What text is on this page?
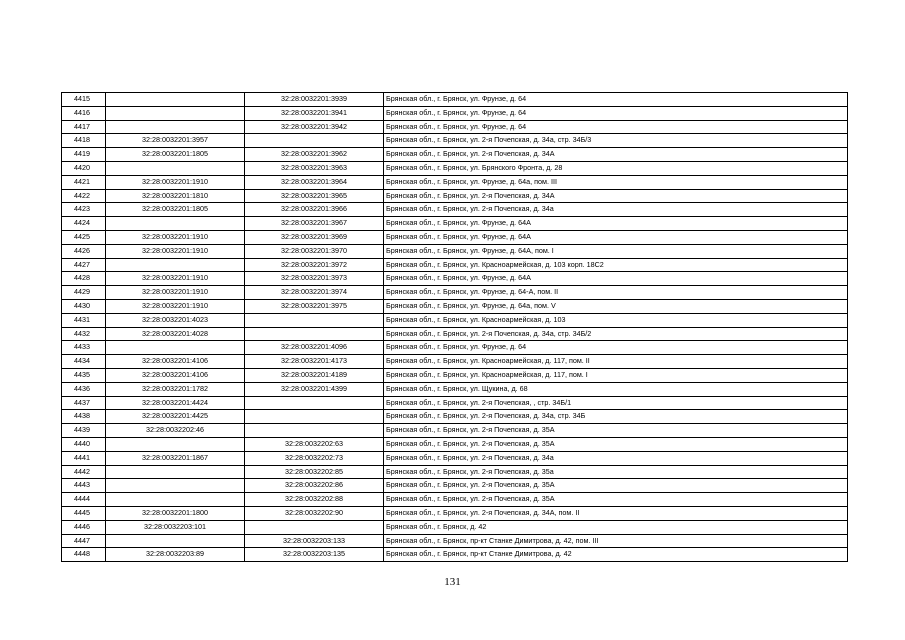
4415		32:28:0032201:3939	Брянская обл., г. Брянск, ул. Фрунзе, д. 64
4416		32:28:0032201:3941	Брянская обл., г. Брянск, ул. Фрунзе, д. 64
4417		32:28:0032201:3942	Брянская обл., г. Брянск, ул. Фрунзе, д. 64
4418	32:28:0032201:3957		Брянская обл., г. Брянск, ул. 2-я Почепская, д. 34а, стр. 34Б/3
4419	32:28:0032201:1805	32:28:0032201:3962	Брянская обл., г. Брянск, ул. 2-я Почепская, д. 34А
4420		32:28:0032201:3963	Брянская обл., г. Брянск, ул. Брянского Фронта, д. 28
4421	32:28:0032201:1910	32:28:0032201:3964	Брянская обл., г. Брянск, ул. Фрунзе, д. 64а, пом. III
4422	32:28:0032201:1810	32:28:0032201:3965	Брянская обл., г. Брянск, ул. 2-я Почепская, д. 34А
4423	32:28:0032201:1805	32:28:0032201:3966	Брянская обл., г. Брянск, ул. 2-я Почепская, д. 34а
4424		32:28:0032201:3967	Брянская обл., г. Брянск, ул. Фрунзе, д. 64А
4425	32:28:0032201:1910	32:28:0032201:3969	Брянская обл., г. Брянск, ул. Фрунзе, д. 64А
4426	32:28:0032201:1910	32:28:0032201:3970	Брянская обл., г. Брянск, ул. Фрунзе, д. 64А, пом. I
4427		32:28:0032201:3972	Брянская обл., г. Брянск, ул. Красноармейская, д. 103 корп. 18С2
4428	32:28:0032201:1910	32:28:0032201:3973	Брянская обл., г. Брянск, ул. Фрунзе, д. 64А
4429	32:28:0032201:1910	32:28:0032201:3974	Брянская обл., г. Брянск, ул. Фрунзе, д. 64-А, пом. II
4430	32:28:0032201:1910	32:28:0032201:3975	Брянская обл., г. Брянск, ул. Фрунзе, д. 64а, пом. V
4431	32:28:0032201:4023		Брянская обл., г. Брянск, ул. Красноармейская, д. 103
4432	32:28:0032201:4028		Брянская обл., г. Брянск, ул. 2-я Почепская, д. 34а, стр. 34Б/2
4433		32:28:0032201:4096	Брянская обл., г. Брянск, ул. Фрунзе, д. 64
4434	32:28:0032201:4106	32:28:0032201:4173	Брянская обл., г. Брянск, ул. Красноармейская, д. 117, пом. II
4435	32:28:0032201:4106	32:28:0032201:4189	Брянская обл., г. Брянск, ул. Красноармейская, д. 117, пом. I
4436	32:28:0032201:1782	32:28:0032201:4399	Брянская обл., г. Брянск, ул. Щукина, д. 68
4437	32:28:0032201:4424		Брянская обл., г. Брянск, ул. 2-я Почепская, , стр. 34Б/1
4438	32:28:0032201:4425		Брянская обл., г. Брянск, ул. 2-я Почепская, д. 34а, стр. 34Б
4439	32:28:0032202:46		Брянская обл., г. Брянск, ул. 2-я Почепская, д. 35А
4440		32:28:0032202:63	Брянская обл., г. Брянск, ул. 2-я Почепская, д. 35А
4441	32:28:0032201:1867	32:28:0032202:73	Брянская обл., г. Брянск, ул. 2-я Почепская, д. 34а
4442		32:28:0032202:85	Брянская обл., г. Брянск, ул. 2-я Почепская, д. 35а
4443		32:28:0032202:86	Брянская обл., г. Брянск, ул. 2-я Почепская, д. 35А
4444		32:28:0032202:88	Брянская обл., г. Брянск, ул. 2-я Почепская, д. 35А
4445	32:28:0032201:1800	32:28:0032202:90	Брянская обл., г. Брянск, ул. 2-я Почепская, д. 34А, пом. II
4446	32:28:0032203:101		Брянская обл., г. Брянск, д. 42
4447		32:28:0032203:133	Брянская обл., г. Брянск, пр-кт Станке Димитрова, д. 42, пом. III
4448	32:28:0032203:89	32:28:0032203:135	Брянская обл., г. Брянск, пр-кт Станке Димитрова, д. 42
131
